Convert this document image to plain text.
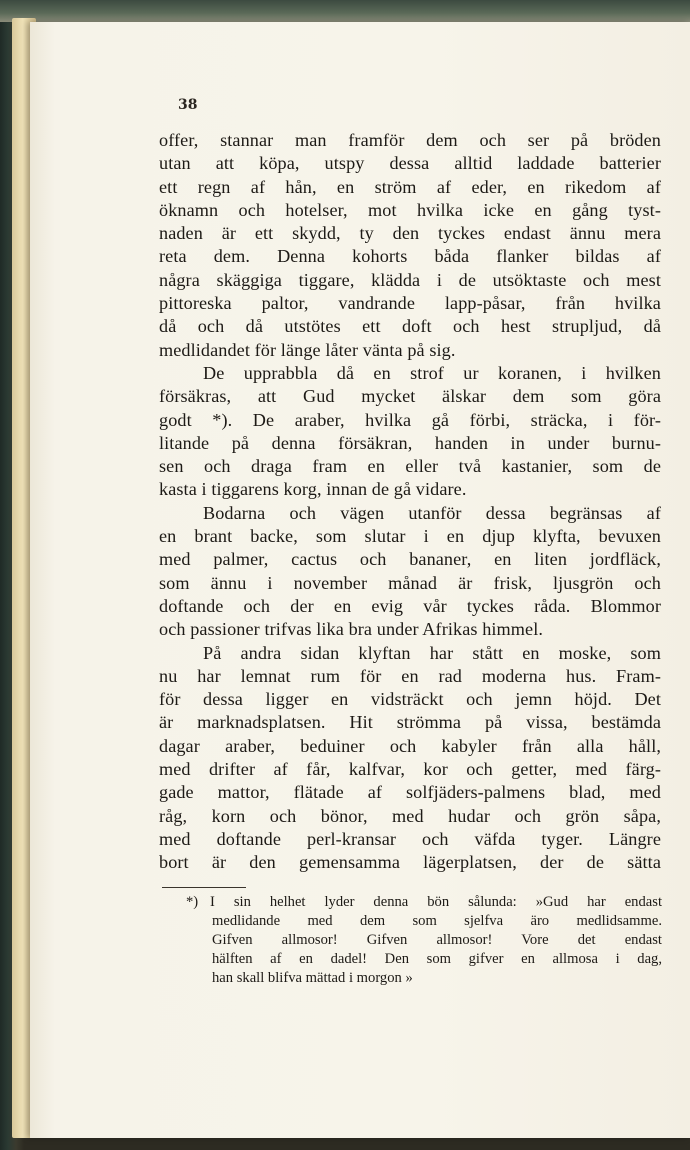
38
offer, stannar man framför dem och ser på bröden
utan att köpa, utspy dessa alltid laddade batterier
ett regn af hån, en ström af eder, en rikedom af
öknamn och hotelser, mot hvilka icke en gång tyst-
naden är ett skydd, ty den tyckes endast ännu mera
reta dem. Denna kohorts båda flanker bildas af
några skäggiga tiggare, klädda i de utsöktaste och mest
pittoreska paltor, vandrande lapp-påsar, från hvilka
då och då utstötes ett doft och hest strupljud, då
medlidandet för länge låter vänta på sig.
De upprabbla då en strof ur koranen, i hvilken
försäkras, att Gud mycket älskar dem som göra
godt *). De araber, hvilka gå förbi, sträcka, i för-
litande på denna försäkran, handen in under burnu-
sen och draga fram en eller två kastanier, som de
kasta i tiggarens korg, innan de gå vidare.
Bodarna och vägen utanför dessa begränsas af
en brant backe, som slutar i en djup klyfta, bevuxen
med palmer, cactus och bananer, en liten jordfläck,
som ännu i november månad är frisk, ljusgrön och
doftande och der en evig vår tyckes råda. Blommor
och passioner trifvas lika bra under Afrikas himmel.
På andra sidan klyftan har stått en moske, som
nu har lemnat rum för en rad moderna hus. Fram-
för dessa ligger en vidsträckt och jemn höjd. Det
är marknadsplatsen. Hit strömma på vissa, bestämda
dagar araber, beduiner och kabyler från alla håll,
med drifter af får, kalfvar, kor och getter, med färg-
gade mattor, flätade af solfjäders-palmens blad, med
råg, korn och bönor, med hudar och grön såpa,
med doftande perl-kransar och väfda tyger. Längre
bort är den gemensamma lägerplatsen, der de sätta
*) I sin helhet lyder denna bön sålunda: »Gud har endast
medlidande med dem som sjelfva äro medlidsamme.
Gifven allmosor! Gifven allmosor! Vore det endast
hälften af en dadel! Den som gifver en allmosa i dag,
han skall blifva mättad i morgon »
